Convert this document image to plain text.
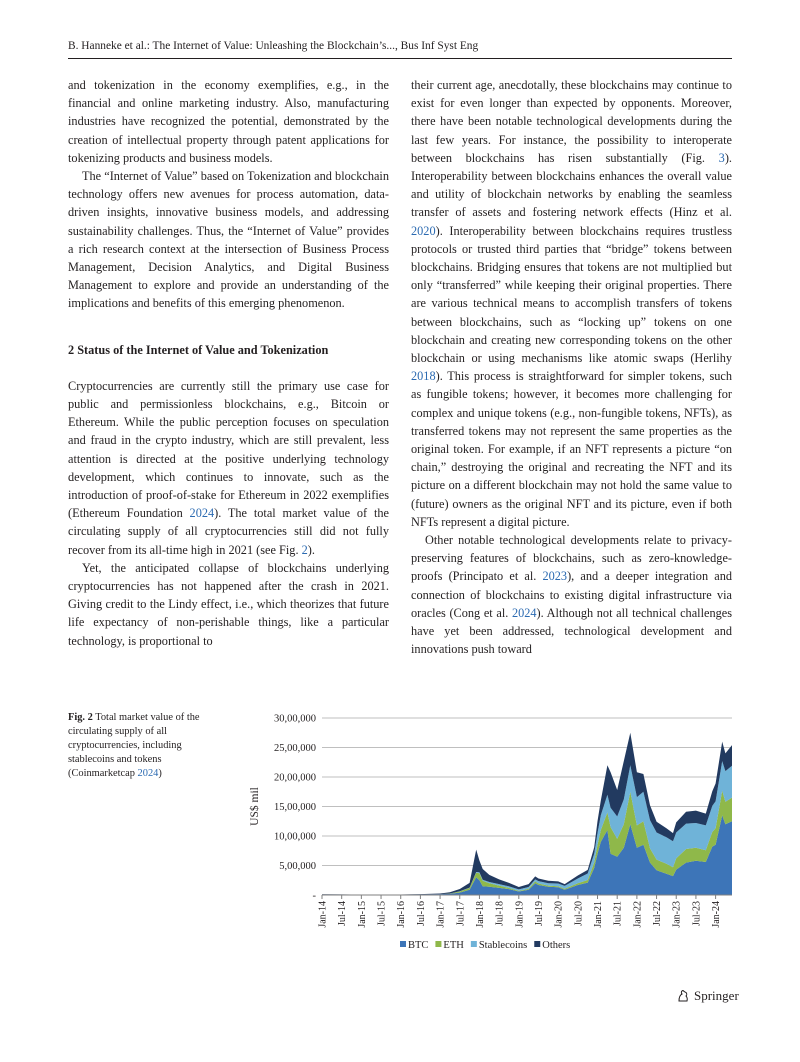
B. Hanneke et al.: The Internet of Value: Unleashing the Blockchain’s..., Bus Inf Syst Eng

and tokenization in the economy exemplifies, e.g., in the financial and online marketing industry. Also, manufacturing industries have recognized the potential, demonstrated by the creation of intellectual property through patent applications for tokenizing products and business models.

The “Internet of Value” based on Tokenization and blockchain technology offers new avenues for process automation, data-driven insights, innovative business models, and addressing sustainability challenges. Thus, the “Internet of Value” provides a rich research context at the intersection of Business Process Management, Decision Analytics, and Digital Business Management to explore and provide an understanding of the implications and benefits of this emerging phenomenon.

2 Status of the Internet of Value and Tokenization

Cryptocurrencies are currently still the primary use case for public and permissionless blockchains, e.g., Bitcoin or Ethereum. While the public perception focuses on speculation and fraud in the crypto industry, which are still prevalent, less attention is directed at the positive underlying technology development, which continues to innovate, such as the introduction of proof-of-stake for Ethereum in 2022 exemplifies (Ethereum Foundation 2024). The total market value of the circulating supply of all cryptocurrencies still did not fully recover from its all-time high in 2021 (see Fig. 2).

Yet, the anticipated collapse of blockchains underlying cryptocurrencies has not happened after the crash in 2021. Giving credit to the Lindy effect, i.e., which theorizes that future life expectancy of non-perishable things, like a particular technology, is proportional to

their current age, anecdotally, these blockchains may continue to exist for even longer than expected by opponents. Moreover, there have been notable technological developments during the last few years. For instance, the possibility to interoperate between blockchains has risen substantially (Fig. 3). Interoperability between blockchains enhances the overall value and utility of blockchain networks by enabling the seamless transfer of assets and fostering network effects (Hinz et al. 2020). Interoperability between blockchains requires trustless protocols or trusted third parties that “bridge” tokens between blockchains. Bridging ensures that tokens are not multiplied but only “transferred” while keeping their original properties. There are various technical means to accomplish transfers of tokens between blockchains, such as “locking up” tokens on one blockchain and creating new corresponding tokens on the other blockchain or using mechanisms like atomic swaps (Herlihy 2018). This process is straightforward for simpler tokens, such as fungible tokens; however, it becomes more challenging for complex and unique tokens (e.g., non-fungible tokens, NFTs), as transferred tokens may not represent the same properties as the original token. For example, if an NFT represents a picture “on chain,” destroying the original and recreating the NFT and its picture on a different blockchain may not hold the same value to (future) owners as the original NFT and its picture, even if both NFTs represent a digital picture.

Other notable technological developments relate to privacy-preserving features of blockchains, such as zero-knowledge-proofs (Principato et al. 2023), and a deeper integration and connection of blockchains to existing digital infrastructure via oracles (Cong et al. 2024). Although not all technical challenges have yet been addressed, technological development and innovations push toward

Fig. 2 Total market value of the circulating supply of all cryptocurrencies, including stablecoins and tokens (Coinmarketcap 2024)
-
5,00,000
10,00,000
15,00,000
20,00,000
25,00,000
30,00,000
US$ mil
Jan-14 Jul-14 Jan-15 Jul-15 Jan-16 Jul-16 Jan-17 Jul-17 Jan-18 Jul-18 Jan-19 Jul-19 Jan-20 Jul-20 Jan-21 Jul-21 Jan-22 Jul-22 Jan-23 Jul-23 Jan-24
BTC ETH Stablecoins Others
Springer
